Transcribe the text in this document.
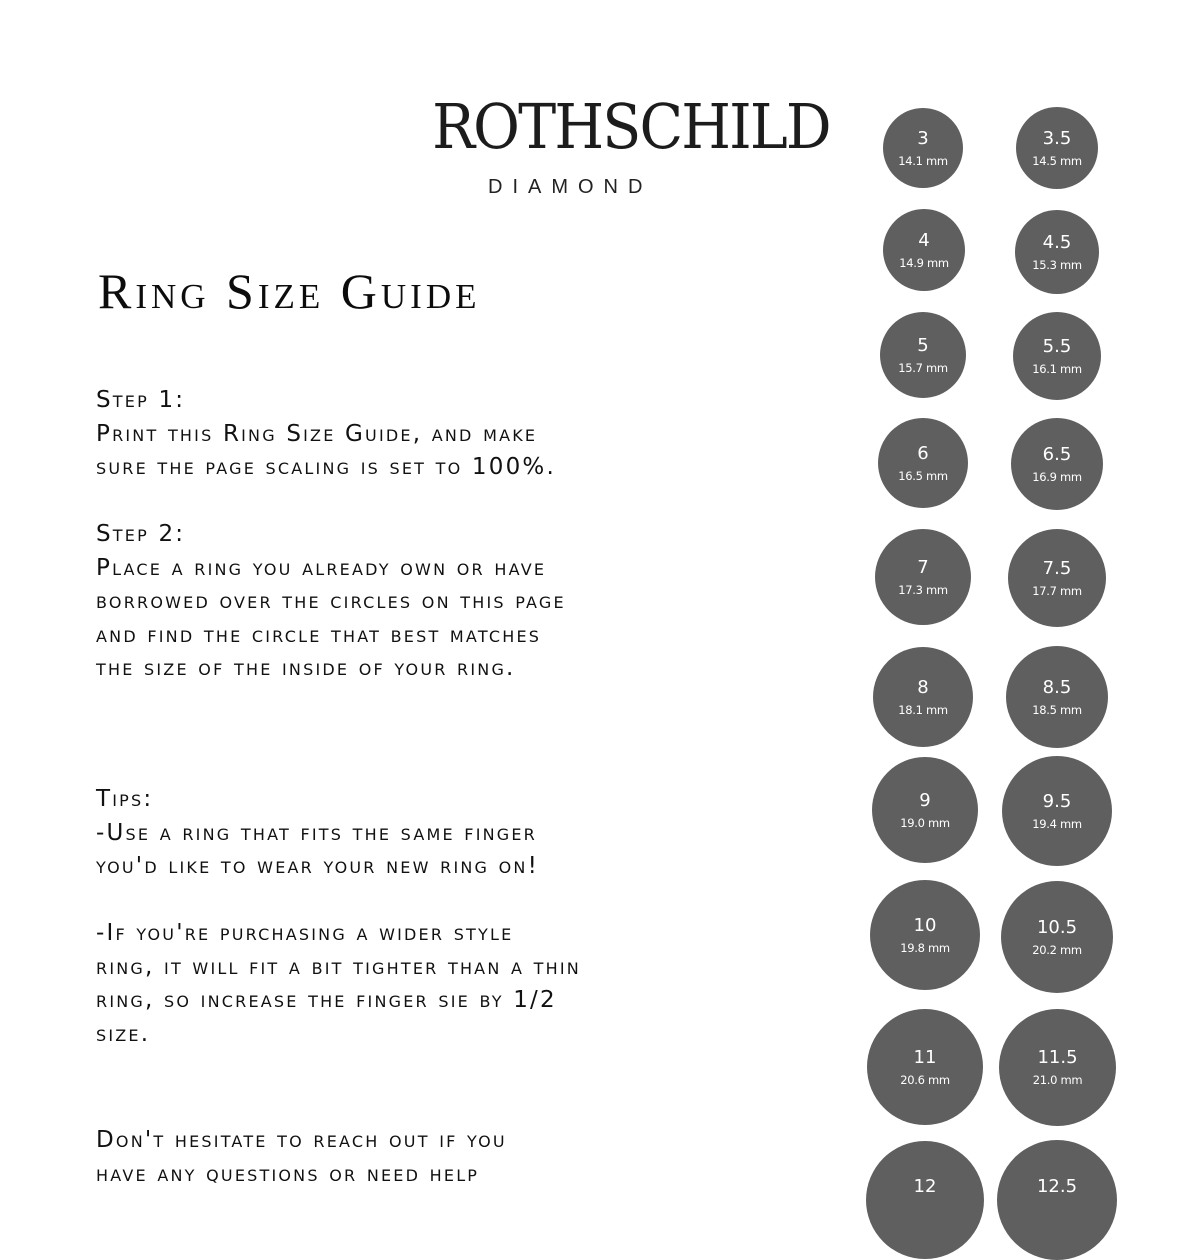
ROTHSCHILD
DIAMOND
Ring Size Guide
Step 1:
Print this Ring Size Guide, and make
sure the page scaling is set to 100%.
Step 2:
Place a ring you already own or have
borrowed over the circles on this page
and find the circle that best matches
the size of the inside of your ring.
Tips:
-Use a ring that fits the same finger
you'd like to wear your new ring on!
-If you're purchasing a wider style
ring, it will fit a bit tighter than a thin
ring, so increase the finger sie by 1/2
size.
Don't hesitate to reach out if you
have any questions or need help
3
14.1 mm
3.5
14.5 mm
4
14.9 mm
4.5
15.3 mm
5
15.7 mm
5.5
16.1 mm
6
16.5 mm
6.5
16.9 mm
7
17.3 mm
7.5
17.7 mm
8
18.1 mm
8.5
18.5 mm
9
19.0 mm
9.5
19.4 mm
10
19.8 mm
10.5
20.2 mm
11
20.6 mm
11.5
21.0 mm
12	12.5
